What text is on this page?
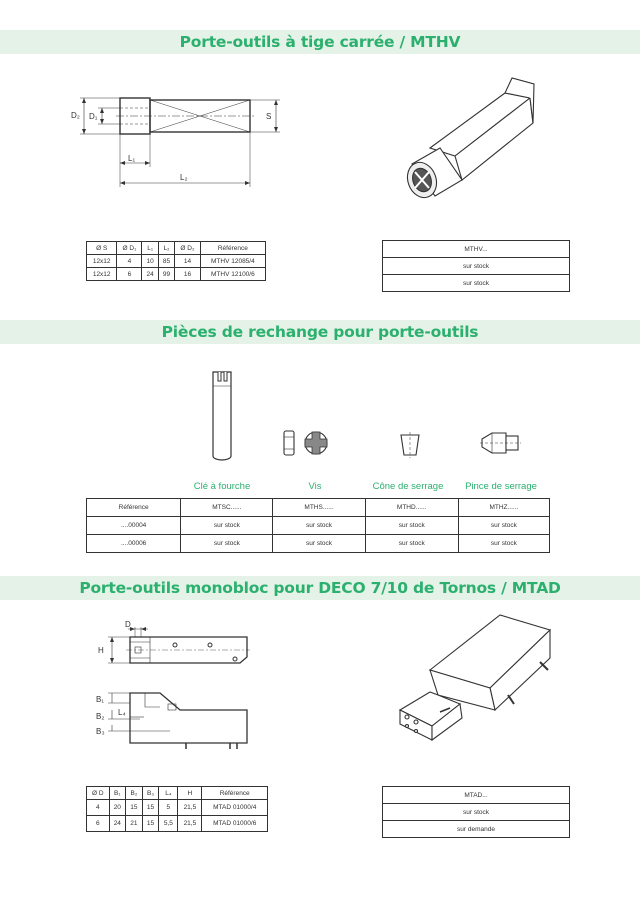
Porte-outils à tige carrée / MTHV
D₂ D₁	S
L₁
L₂
Ø S	Ø D₁	L₁	L₂	Ø D₂	Référence
12x12	4	10	85	14	MTHV 12085/4
12x12	6	24	99	16	MTHV 12100/6
MTHV...
sur stock
sur stock
Pièces de rechange pour porte-outils
Clé à fourche	Vis	Cône de serrage	Pince de serrage
Référence	MTSC......	MTHS......	MTHD......	MTHZ......
....00004	sur stock	sur stock	sur stock	sur stock
....00006	sur stock	sur stock	sur stock	sur stock
Porte-outils monobloc pour DECO 7/10 de Tornos / MTAD
D
H
B₁
B₂
B₃
L₄
Ø D	B₁	B₂	B₃	L₄	H	Référence
4	20	15	15	5	21,5	MTAD 01000/4
6	24	21	15	5,5	21,5	MTAD 01000/6
MTAD...
sur stock
sur demande
